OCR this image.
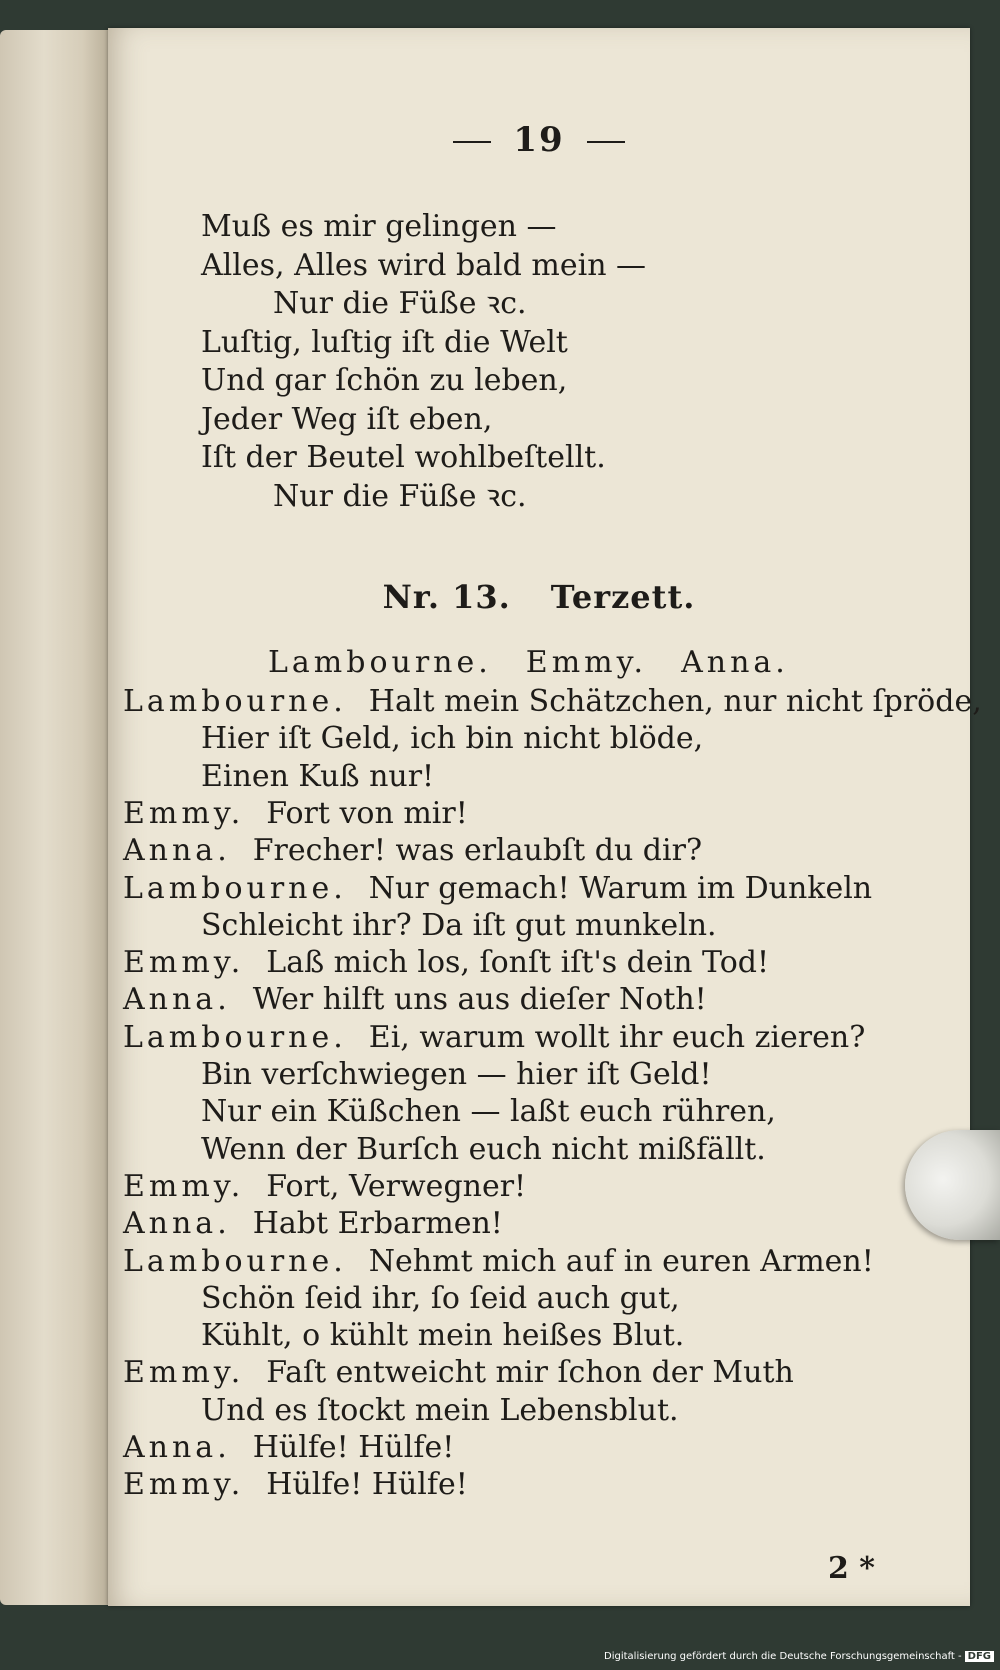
19
Muß es mir gelingen —
Alles, Alles wird bald mein —
Nur die Füße ꝛc.
Luſtig, luſtig iſt die Welt
Und gar ſchön zu leben,
Jeder Weg iſt eben,
Iſt der Beutel wohlbeſtellt.
Nur die Füße ꝛc.
Nr. 13. Terzett.
Lambourne. Emmy. Anna.
Lambourne. Halt mein Schätzchen, nur nicht ſpröde,
Hier iſt Geld, ich bin nicht blöde,
Einen Kuß nur!
Emmy. Fort von mir!
Anna. Frecher! was erlaubſt du dir?
Lambourne. Nur gemach! Warum im Dunkeln
Schleicht ihr? Da iſt gut munkeln.
Emmy. Laß mich los, ſonſt iſt's dein Tod!
Anna. Wer hilft uns aus dieſer Noth!
Lambourne. Ei, warum wollt ihr euch zieren?
Bin verſchwiegen — hier iſt Geld!
Nur ein Küßchen — laßt euch rühren,
Wenn der Burſch euch nicht mißfällt.
Emmy. Fort, Verwegner!
Anna. Habt Erbarmen!
Lambourne. Nehmt mich auf in euren Armen!
Schön ſeid ihr, ſo ſeid auch gut,
Kühlt, o kühlt mein heißes Blut.
Emmy. Faſt entweicht mir ſchon der Muth
Und es ſtockt mein Lebensblut.
Anna. Hülfe! Hülfe!
Emmy. Hülfe! Hülfe!
2 *
Digitalisierung gefördert durch die Deutsche Forschungsgemeinschaft - DFG
